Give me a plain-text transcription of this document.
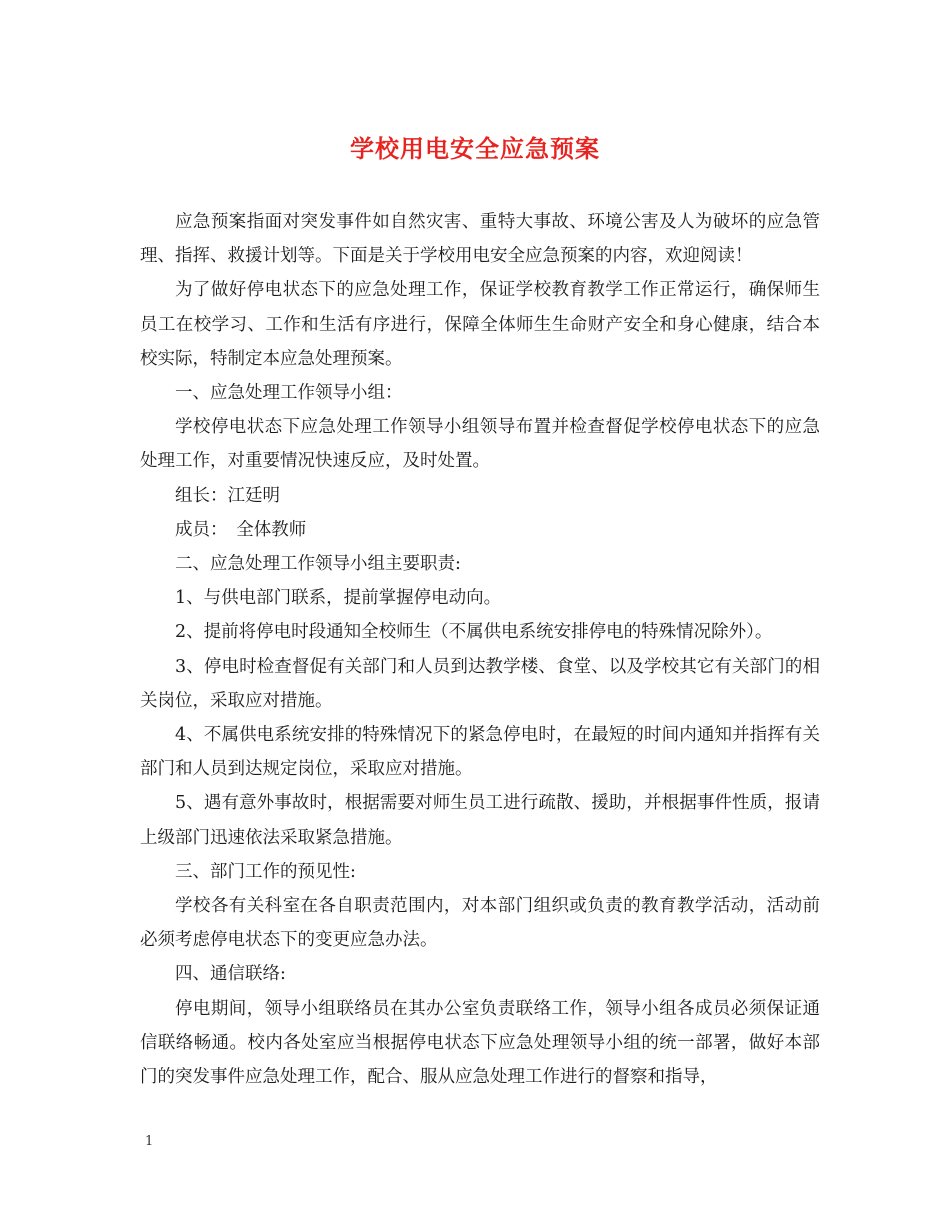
学校用电安全应急预案

应急预案指面对突发事件如自然灾害、重特大事故、环境公害及人为破坏的应急管理、指挥、救援计划等。下面是关于学校用电安全应急预案的内容，欢迎阅读！

为了做好停电状态下的应急处理工作，保证学校教育教学工作正常运行，确保师生员工在校学习、工作和生活有序进行，保障全体师生生命财产安全和身心健康，结合本校实际，特制定本应急处理预案。

一、应急处理工作领导小组：

学校停电状态下应急处理工作领导小组领导布置并检查督促学校停电状态下的应急处理工作，对重要情况快速反应，及时处置。

组长：江廷明

成员：　全体教师

二、应急处理工作领导小组主要职责:

1、与供电部门联系，提前掌握停电动向。

2、提前将停电时段通知全校师生（不属供电系统安排停电的特殊情况除外）。

3、停电时检查督促有关部门和人员到达教学楼、食堂、以及学校其它有关部门的相关岗位，采取应对措施。

4、不属供电系统安排的特殊情况下的紧急停电时，在最短的时间内通知并指挥有关部门和人员到达规定岗位，采取应对措施。

5、遇有意外事故时，根据需要对师生员工进行疏散、援助，并根据事件性质，报请上级部门迅速依法采取紧急措施。

三、部门工作的预见性:

学校各有关科室在各自职责范围内，对本部门组织或负责的教育教学活动，活动前必须考虑停电状态下的变更应急办法。

四、通信联络:

停电期间，领导小组联络员在其办公室负责联络工作，领导小组各成员必须保证通信联络畅通。校内各处室应当根据停电状态下应急处理领导小组的统一部署，做好本部门的突发事件应急处理工作，配合、服从应急处理工作进行的督察和指导，

1
